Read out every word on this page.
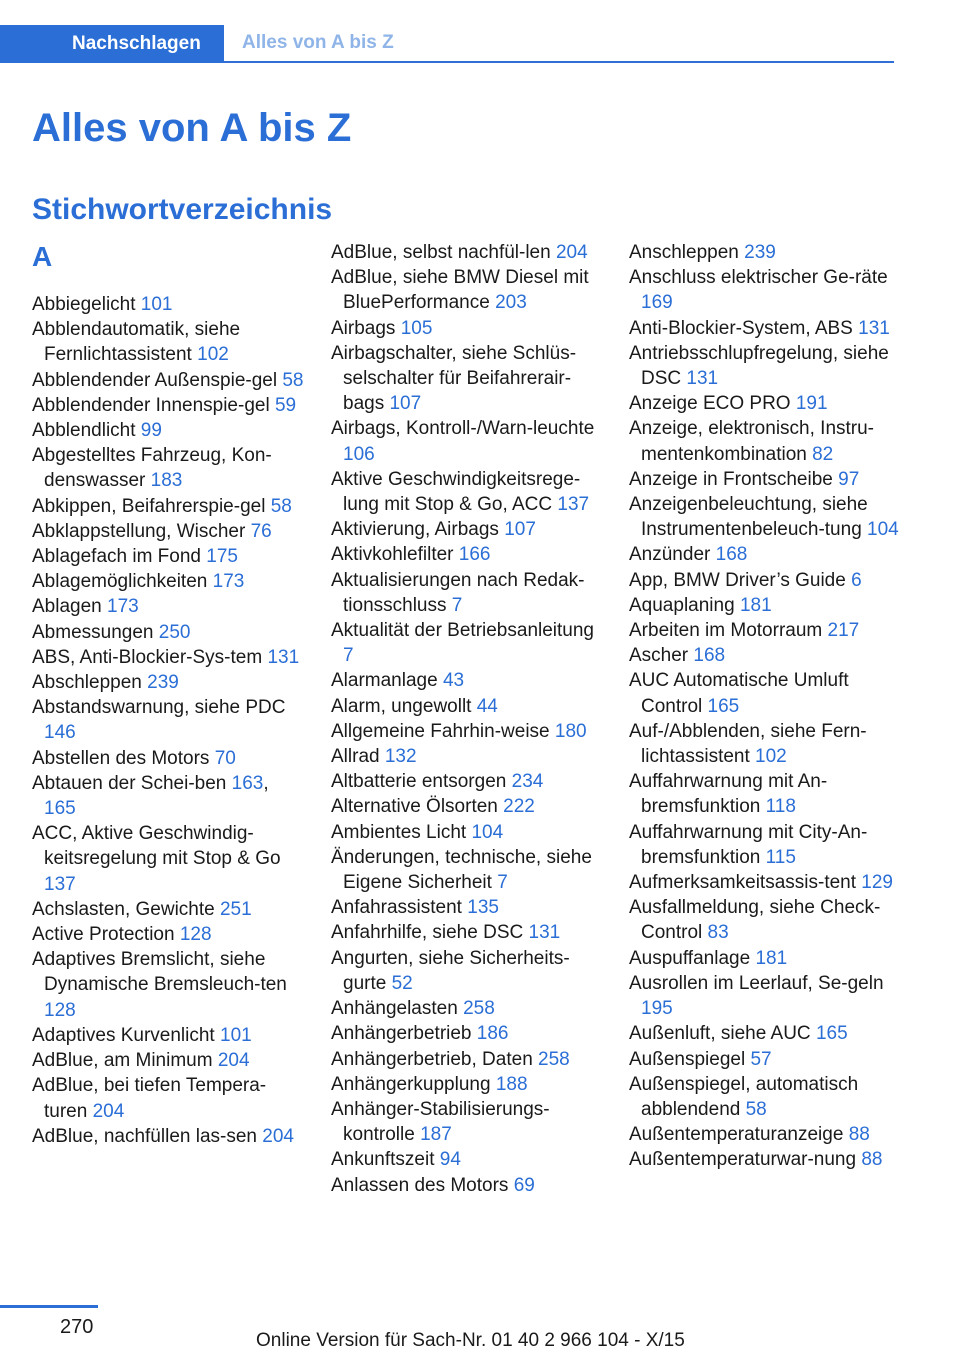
Nachschlagen	Alles von A bis Z
Alles von A bis Z
Stichwortverzeichnis
A
Abbiegelicht 101
Abblendautomatik, siehe Fernlichtassistent 102
Abblendender Außenspie-gel 58
Abblendender Innenspie-gel 59
Abblendlicht 99
Abgestelltes Fahrzeug, Kon-denswasser 183
Abkippen, Beifahrerspie-gel 58
Abklappstellung, Wischer 76
Ablagefach im Fond 175
Ablagemöglichkeiten 173
Ablagen 173
Abmessungen 250
ABS, Anti-Blockier-Sys-tem 131
Abschleppen 239
Abstandswarnung, siehe PDC 146
Abstellen des Motors 70
Abtauen der Schei-ben 163, 165
ACC, Aktive Geschwindig-keitsregelung mit Stop & Go 137
Achslasten, Gewichte 251
Active Protection 128
Adaptives Bremslicht, siehe Dynamische Bremsleuch-ten 128
Adaptives Kurvenlicht 101
AdBlue, am Minimum 204
AdBlue, bei tiefen Tempera-turen 204
AdBlue, nachfüllen las-sen 204
AdBlue, selbst nachfül-len 204
AdBlue, siehe BMW Diesel mit BluePerformance 203
Airbags 105
Airbagschalter, siehe Schlüs-selschalter für Beifahrerair-bags 107
Airbags, Kontroll-/Warn-leuchte 106
Aktive Geschwindigkeitsrege-lung mit Stop & Go, ACC 137
Aktivierung, Airbags 107
Aktivkohlefilter 166
Aktualisierungen nach Redak-tionsschluss 7
Aktualität der Betriebsanleitung 7
Alarmanlage 43
Alarm, ungewollt 44
Allgemeine Fahrhin-weise 180
Allrad 132
Altbatterie entsorgen 234
Alternative Ölsorten 222
Ambientes Licht 104
Änderungen, technische, siehe Eigene Sicherheit 7
Anfahrassistent 135
Anfahrhilfe, siehe DSC 131
Angurten, siehe Sicherheits-gurte 52
Anhängelasten 258
Anhängerbetrieb 186
Anhängerbetrieb, Daten 258
Anhängerkupplung 188
Anhänger-Stabilisierungs-kontrolle 187
Ankunftszeit 94
Anlassen des Motors 69
Anschleppen 239
Anschluss elektrischer Ge-räte 169
Anti-Blockier-System, ABS 131
Antriebsschlupfregelung, siehe DSC 131
Anzeige ECO PRO 191
Anzeige, elektronisch, Instru-mentenkombination 82
Anzeige in Frontscheibe 97
Anzeigenbeleuchtung, siehe Instrumentenbeleuch-tung 104
Anzünder 168
App, BMW Driver’s Guide 6
Aquaplaning 181
Arbeiten im Motorraum 217
Ascher 168
AUC Automatische Umluft Control 165
Auf-/Abblenden, siehe Fern-lichtassistent 102
Auffahrwarnung mit An-bremsfunktion 118
Auffahrwarnung mit City-An-bremsfunktion 115
Aufmerksamkeitsassis-tent 129
Ausfallmeldung, siehe Check-Control 83
Auspuffanlage 181
Ausrollen im Leerlauf, Se-geln 195
Außenluft, siehe AUC 165
Außenspiegel 57
Außenspiegel, automatisch abblendend 58
Außentemperaturanzeige 88
Außentemperaturwar-nung 88
270
Online Version für Sach-Nr. 01 40 2 966 104 - X/15
